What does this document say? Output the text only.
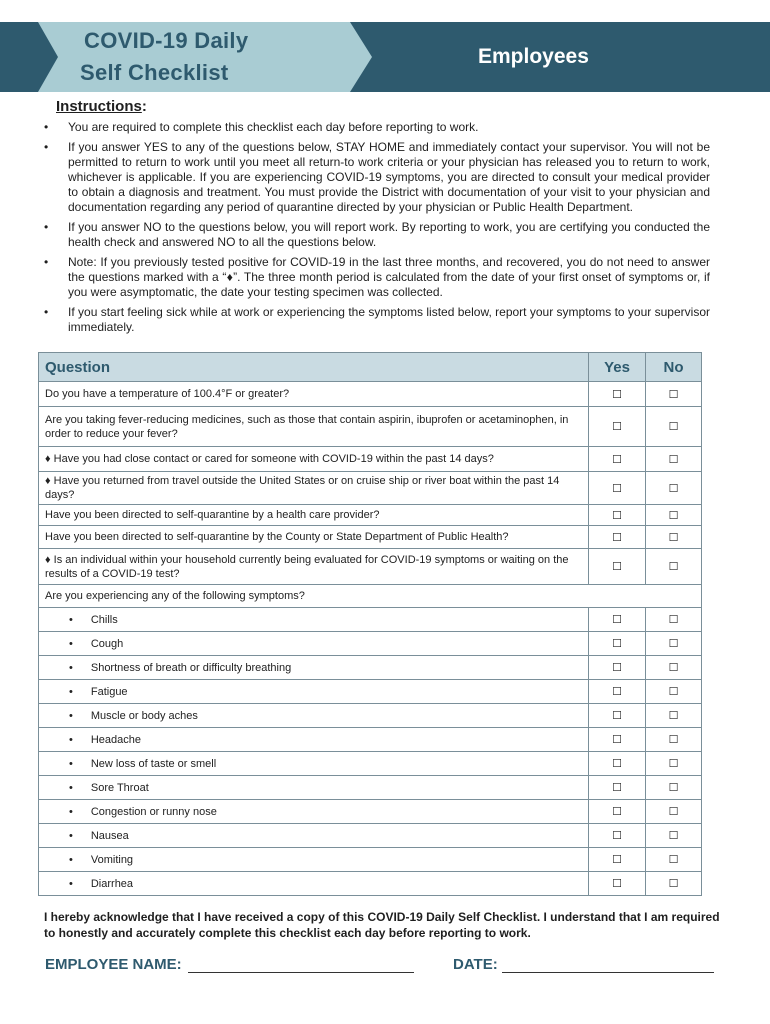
COVID-19 Daily
Self Checklist
Employees
Instructions:
• You are required to complete this checklist each day before reporting to work.
• If you answer YES to any of the questions below, STAY HOME and immediately contact your supervisor. You will not be permitted to return to work until you meet all return-to work criteria or your physician has released you to return to work, whichever is applicable. If you are experiencing COVID-19 symptoms, you are directed to consult your medical provider to obtain a diagnosis and treatment. You must provide the District with documentation of your visit to your physician and documentation regarding any period of quarantine directed by your physician or Public Health Department.
• If you answer NO to the questions below, you will report work. By reporting to work, you are certifying you conducted the health check and answered NO to all the questions below.
• Note: If you previously tested positive for COVID-19 in the last three months, and recovered, you do not need to answer the questions marked with a “♦”. The three month period is calculated from the date of your first onset of symptoms or, if you were asymptomatic, the date your testing specimen was collected.
• If you start feeling sick while at work or experiencing the symptoms listed below, report your symptoms to your supervisor immediately.
Question	Yes	No
Do you have a temperature of 100.4°F or greater?	☐	☐
Are you taking fever-reducing medicines, such as those that contain aspirin, ibuprofen or acetaminophen, in order to reduce your fever?	☐	☐
♦ Have you had close contact or cared for someone with COVID-19 within the past 14 days?	☐	☐
♦ Have you returned from travel outside the United States or on cruise ship or river boat within the past 14 days?	☐	☐
Have you been directed to self-quarantine by a health care provider?	☐	☐
Have you been directed to self-quarantine by the County or State Department of Public Health?	☐	☐
♦ Is an individual within your household currently being evaluated for COVID-19 symptoms or waiting on the results of a COVID-19 test?	☐	☐
Are you experiencing any of the following symptoms?		
• Chills	☐	☐
• Cough	☐	☐
• Shortness of breath or difficulty breathing	☐	☐
• Fatigue	☐	☐
• Muscle or body aches	☐	☐
• Headache	☐	☐
• New loss of taste or smell	☐	☐
• Sore Throat	☐	☐
• Congestion or runny nose	☐	☐
• Nausea	☐	☐
• Vomiting	☐	☐
• Diarrhea	☐	☐
I hereby acknowledge that I have received a copy of this COVID-19 Daily Self Checklist. I understand that I am required to honestly and accurately complete this checklist each day before reporting to work.
EMPLOYEE NAME:	DATE:
